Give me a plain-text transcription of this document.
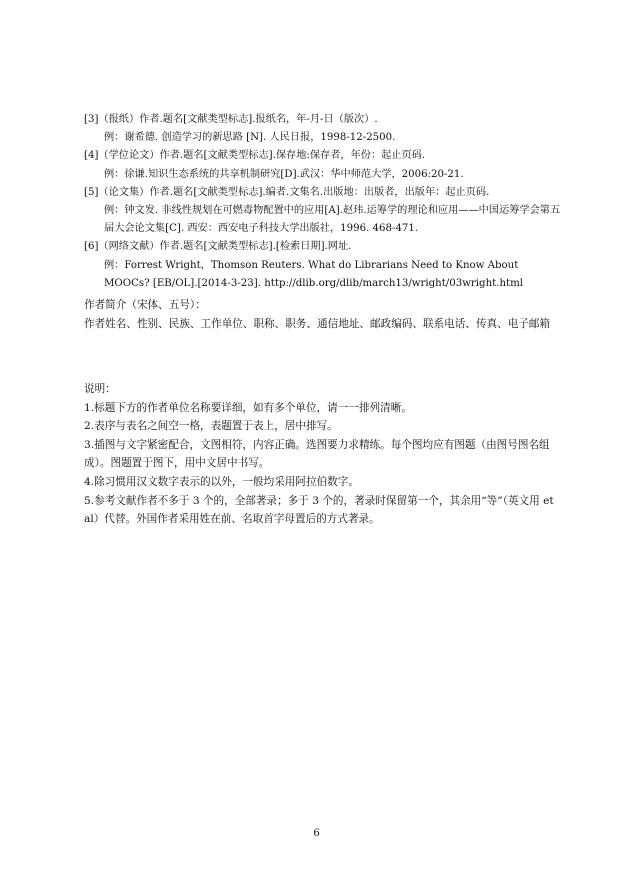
[3]（报纸）作者.题名[文献类型标志].报纸名，年-月-日（版次）.
例：谢希德. 创造学习的新思路 [N]. 人民日报，1998-12-2500.
[4]（学位论文）作者.题名[文献类型标志].保存地:保存者，年份：起止页码.
例：徐谦.知识生态系统的共享机制研究[D].武汉：华中师范大学，2006:20-21.
[5]（论文集）作者.题名[文献类型标志].编者.文集名.出版地：出版者，出版年：起止页码.
例：钟文发. 非线性规划在可燃毒物配置中的应用[A].赵玮.运筹学的理论和应用——中国运筹学会第五届大会论文集[C]. 西安：西安电子科技大学出版社，1996. 468-471.
[6]（网络文献）作者.题名[文献类型标志].[检索日期].网址.
例：Forrest Wright，Thomson Reuters. What do Librarians Need to Know About MOOCs? [EB/OL].[2014-3-23]. http://dlib.org/dlib/march13/wright/03wright.html
作者简介（宋体、五号）：
作者姓名、性别、民族、工作单位、职称、职务、通信地址、邮政编码、联系电话、传真、电子邮箱
说明：
1.标题下方的作者单位名称要详细，如有多个单位，请一一排列清晰。
2.表序与表名之间空一格，表题置于表上，居中排写。
3.插图与文字紧密配合，文图相符，内容正确。选图要力求精练。每个图均应有图题（由图号图名组成）。图题置于图下，用中文居中书写。
4.除习惯用汉文数字表示的以外，一般均采用阿拉伯数字。
5.参考文献作者不多于 3 个的，全部著录；多于 3 个的，著录时保留第一个，其余用“等”（英文用 et al）代替。外国作者采用姓在前、名取首字母置后的方式著录。
6
